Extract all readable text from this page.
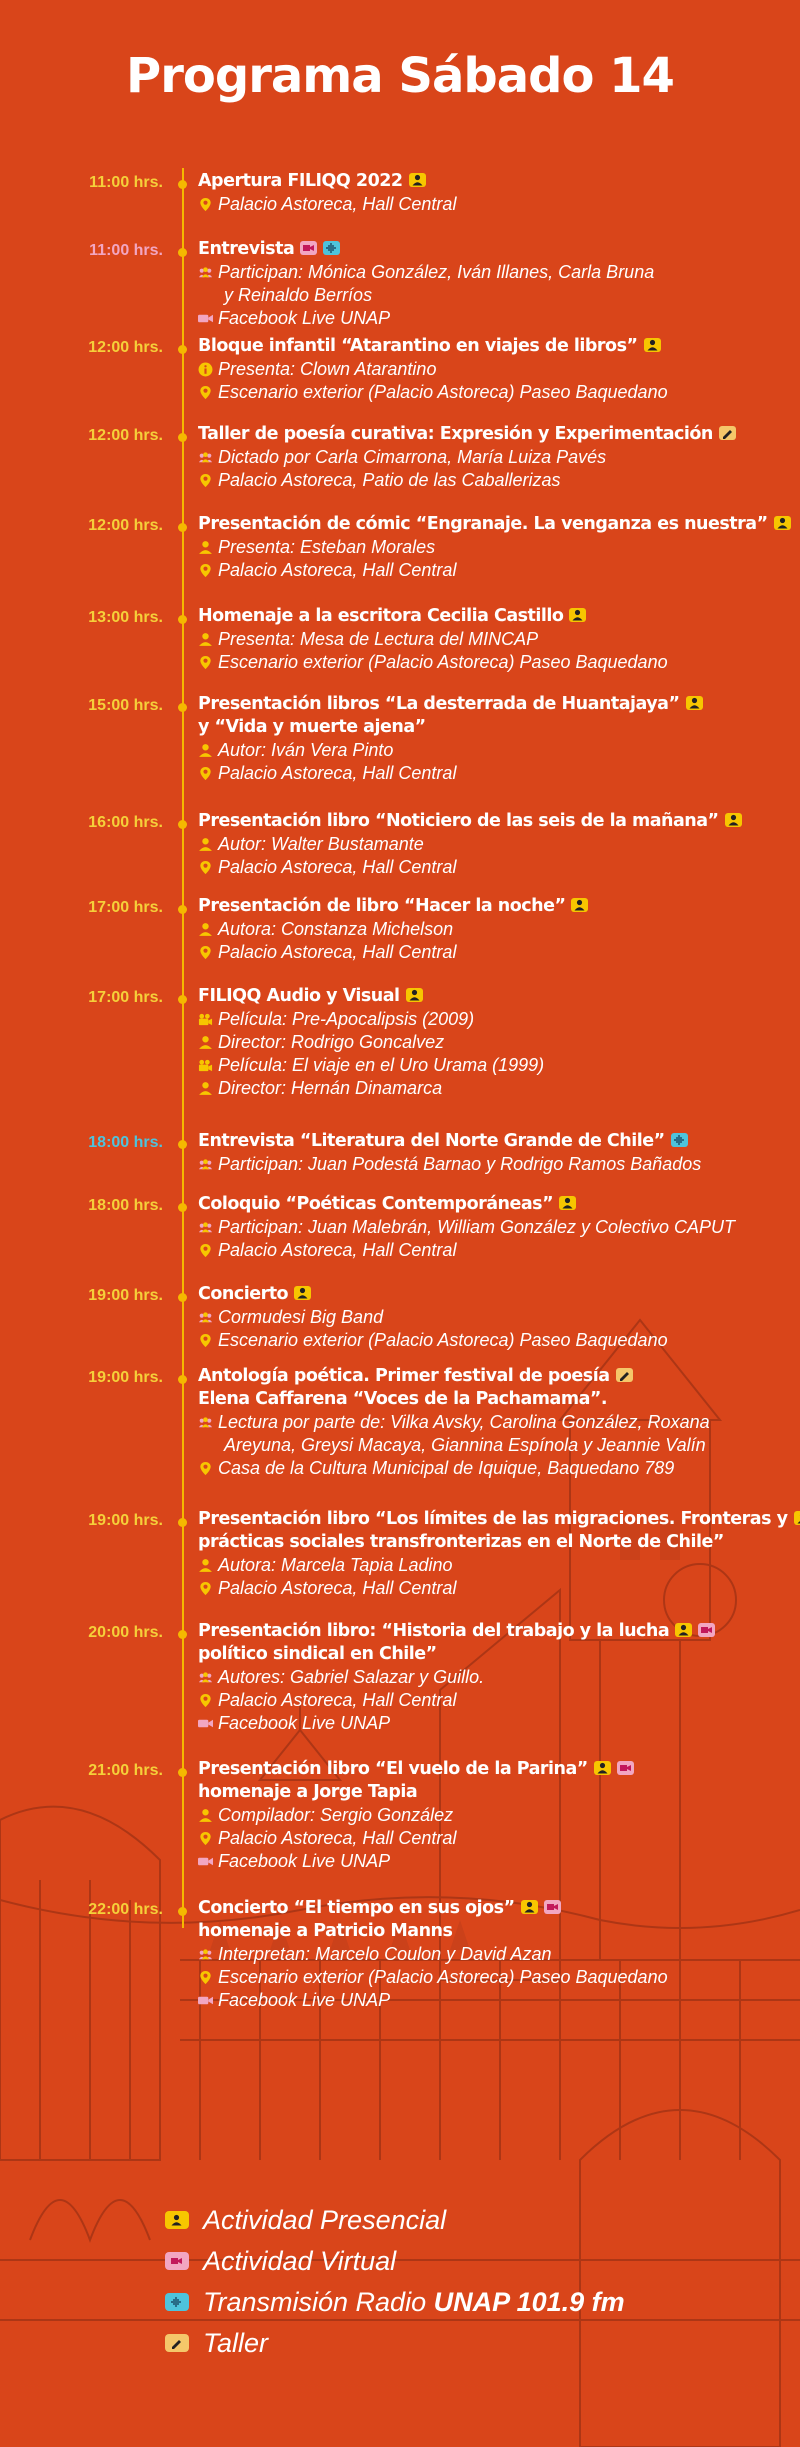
Programa Sábado 14
11:00 hrs. Apertura FILIQQ 2022
Palacio Astoreca, Hall Central
11:00 hrs. Entrevista
Participan: Mónica González, Iván Illanes, Carla Bruna
y Reinaldo Berríos
Facebook Live UNAP
12:00 hrs. Bloque infantil “Atarantino en viajes de libros”
Presenta: Clown Atarantino
Escenario exterior (Palacio Astoreca) Paseo Baquedano
12:00 hrs. Taller de poesía curativa: Expresión y Experimentación
Dictado por Carla Cimarrona, María Luiza Pavés
Palacio Astoreca, Patio de las Caballerizas
12:00 hrs. Presentación de cómic “Engranaje. La venganza es nuestra”
Presenta: Esteban Morales
Palacio Astoreca, Hall Central
13:00 hrs. Homenaje a la escritora Cecilia Castillo
Presenta: Mesa de Lectura del MINCAP
Escenario exterior (Palacio Astoreca) Paseo Baquedano
15:00 hrs. Presentación libros “La desterrada de Huantajaya”
y “Vida y muerte ajena”
Autor: Iván Vera Pinto
Palacio Astoreca, Hall Central
16:00 hrs. Presentación libro “Noticiero de las seis de la mañana”
Autor: Walter Bustamante
Palacio Astoreca, Hall Central
17:00 hrs. Presentación de libro “Hacer la noche”
Autora: Constanza Michelson
Palacio Astoreca, Hall Central
17:00 hrs. FILIQQ Audio y Visual
Película: Pre-Apocalipsis (2009)
Director: Rodrigo Goncalvez
Película: El viaje en el Uro Urama (1999)
Director: Hernán Dinamarca
18:00 hrs. Entrevista “Literatura del Norte Grande de Chile”
Participan: Juan Podestá Barnao y Rodrigo Ramos Bañados
18:00 hrs. Coloquio “Poéticas Contemporáneas”
Participan: Juan Malebrán, William González y Colectivo CAPUT
Palacio Astoreca, Hall Central
19:00 hrs. Concierto
Cormudesi Big Band
Escenario exterior (Palacio Astoreca) Paseo Baquedano
19:00 hrs. Antología poética. Primer festival de poesía
Elena Caffarena “Voces de la Pachamama”.
Lectura por parte de: Vilka Avsky, Carolina González, Roxana
Areyuna, Greysi Macaya, Giannina Espínola y Jeannie Valín
Casa de la Cultura Municipal de Iquique, Baquedano 789
19:00 hrs. Presentación libro “Los límites de las migraciones. Fronteras y
prácticas sociales transfronterizas en el Norte de Chile”
Autora: Marcela Tapia Ladino
Palacio Astoreca, Hall Central
20:00 hrs. Presentación libro: “Historia del trabajo y la lucha
político sindical en Chile”
Autores: Gabriel Salazar y Guillo.
Palacio Astoreca, Hall Central
Facebook Live UNAP
21:00 hrs. Presentación libro “El vuelo de la Parina”
homenaje a Jorge Tapia
Compilador: Sergio González
Palacio Astoreca, Hall Central
Facebook Live UNAP
22:00 hrs. Concierto “El tiempo en sus ojos”
homenaje a Patricio Manns
Interpretan: Marcelo Coulon y David Azan
Escenario exterior (Palacio Astoreca) Paseo Baquedano
Facebook Live UNAP
Actividad Presencial
Actividad Virtual
Transmisión Radio UNAP 101.9 fm
Taller
